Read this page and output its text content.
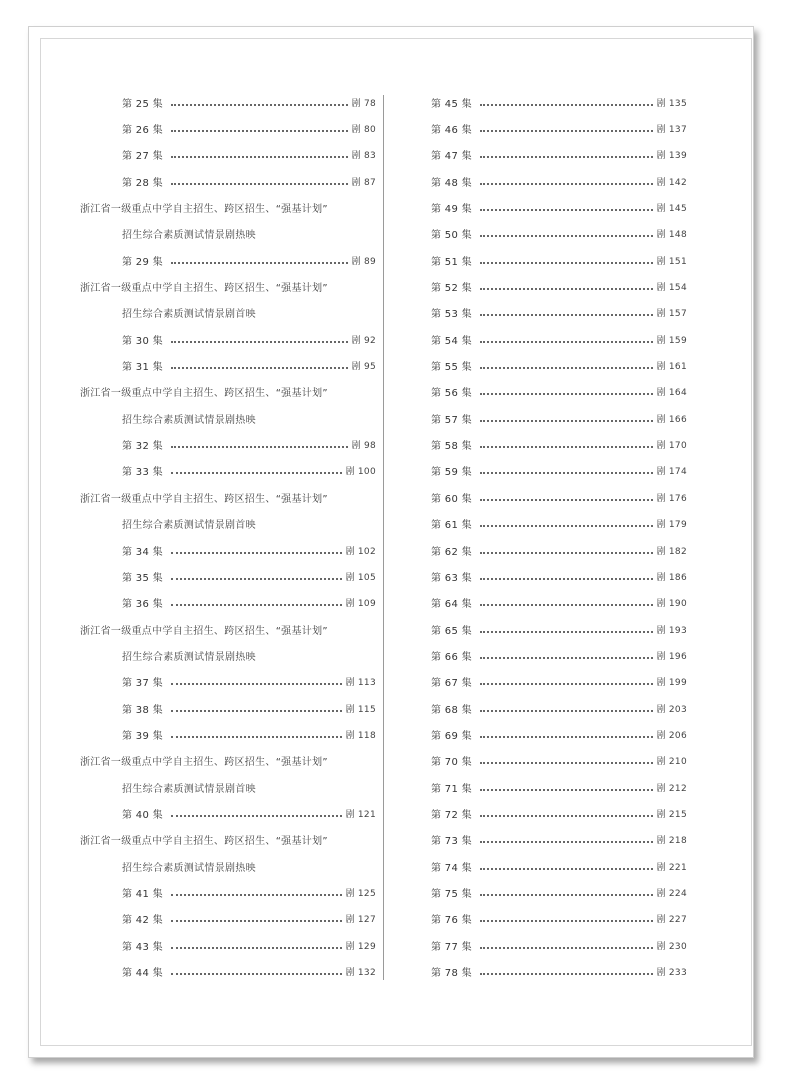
第 25 集	剧 78
第 26 集	剧 80
第 27 集	剧 83
第 28 集	剧 87
浙江省一级重点中学自主招生、跨区招生、“强基计划”
招生综合素质测试情景剧热映
第 29 集	剧 89
浙江省一级重点中学自主招生、跨区招生、“强基计划”
招生综合素质测试情景剧首映
第 30 集	剧 92
第 31 集	剧 95
浙江省一级重点中学自主招生、跨区招生、“强基计划”
招生综合素质测试情景剧热映
第 32 集	剧 98
第 33 集	剧 100
浙江省一级重点中学自主招生、跨区招生、“强基计划”
招生综合素质测试情景剧首映
第 34 集	剧 102
第 35 集	剧 105
第 36 集	剧 109
浙江省一级重点中学自主招生、跨区招生、“强基计划”
招生综合素质测试情景剧热映
第 37 集	剧 113
第 38 集	剧 115
第 39 集	剧 118
浙江省一级重点中学自主招生、跨区招生、“强基计划”
招生综合素质测试情景剧首映
第 40 集	剧 121
浙江省一级重点中学自主招生、跨区招生、“强基计划”
招生综合素质测试情景剧热映
第 41 集	剧 125
第 42 集	剧 127
第 43 集	剧 129
第 44 集	剧 132
第 45 集	剧 135
第 46 集	剧 137
第 47 集	剧 139
第 48 集	剧 142
第 49 集	剧 145
第 50 集	剧 148
第 51 集	剧 151
第 52 集	剧 154
第 53 集	剧 157
第 54 集	剧 159
第 55 集	剧 161
第 56 集	剧 164
第 57 集	剧 166
第 58 集	剧 170
第 59 集	剧 174
第 60 集	剧 176
第 61 集	剧 179
第 62 集	剧 182
第 63 集	剧 186
第 64 集	剧 190
第 65 集	剧 193
第 66 集	剧 196
第 67 集	剧 199
第 68 集	剧 203
第 69 集	剧 206
第 70 集	剧 210
第 71 集	剧 212
第 72 集	剧 215
第 73 集	剧 218
第 74 集	剧 221
第 75 集	剧 224
第 76 集	剧 227
第 77 集	剧 230
第 78 集	剧 233
